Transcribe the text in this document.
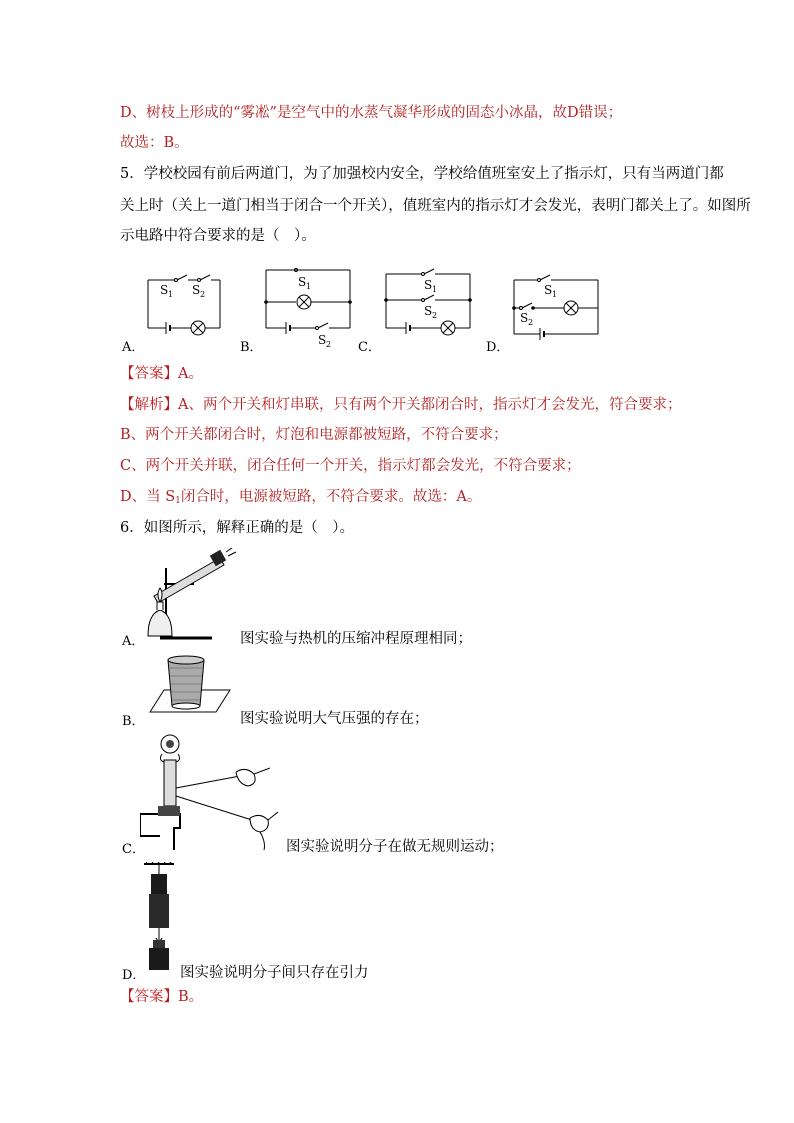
D、树枝上形成的“雾凇”是空气中的水蒸气凝华形成的固态小冰晶，故D错误；
故选：B。
5．学校校园有前后两道门，为了加强校内安全，学校给值班室安上了指示灯，只有当两道门都
关上时（关上一道门相当于闭合一个开关），值班室内的指示灯才会发光，表明门都关上了。如图所
示电路中符合要求的是（　）。
A．
S 1 S 2
B．
S 1
S 2 C．
S 1
S 2
D．
S 1
S 2
【答案】A。
【解析】A、两个开关和灯串联，只有两个开关都闭合时，指示灯才会发光，符合要求；
B、两个开关都闭合时，灯泡和电源都被短路，不符合要求；
C、两个开关并联，闭合任何一个开关，指示灯都会发光，不符合要求；
D、当 $S_1$闭合时，电源被短路，不符合要求。故选：A。
6．如图所示，解释正确的是（　）。
A．	图实验与热机的压缩冲程原理相同；
B．	图实验说明大气压强的存在；
C．	图实验说明分子在做无规则运动；
D． 图实验说明分子间只存在引力
【答案】B。
